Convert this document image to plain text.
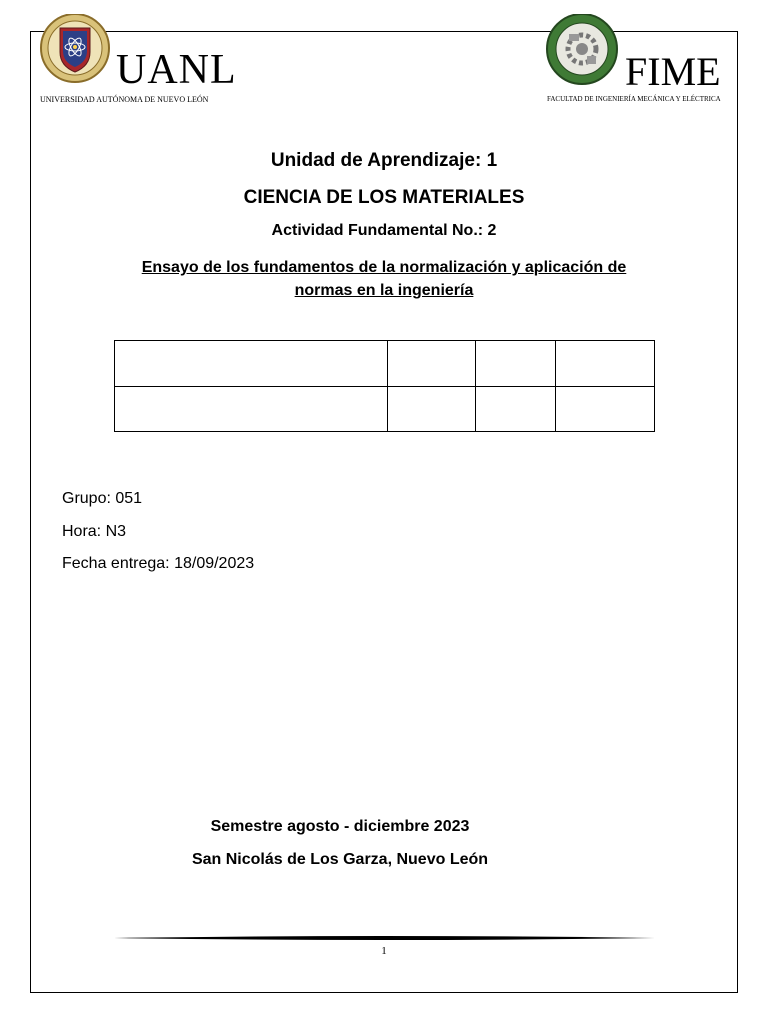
UANL
UNIVERSIDAD AUTÓNOMA DE NUEVO LEÓN
FIME
FACULTAD DE INGENIERÍA MECÁNICA Y ELÉCTRICA
Unidad de Aprendizaje: 1
CIENCIA DE LOS MATERIALES
Actividad Fundamental No.: 2
Ensayo de los fundamentos de la normalización y aplicación de
normas en la ingeniería

Grupo: 051
Hora: N3
Fecha entrega: 18/09/2023
Semestre agosto - diciembre 2023
San Nicolás de Los Garza, Nuevo León
1
